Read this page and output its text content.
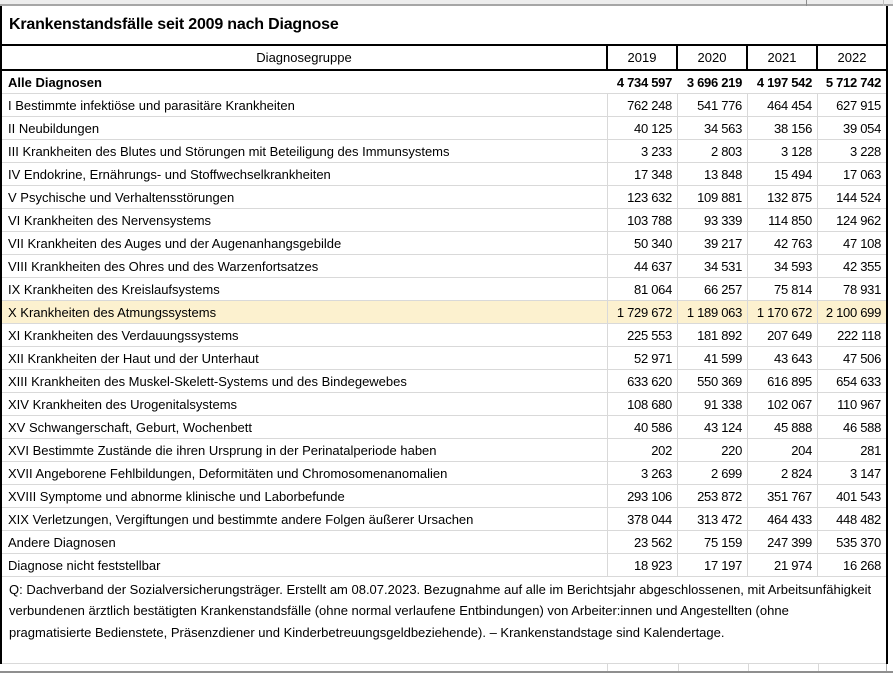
Krankenstandsfälle seit 2009 nach Diagnose
Diagnosegruppe	2019	2020	2021	2022
Alle Diagnosen	4 734 597	3 696 219	4 197 542	5 712 742
I Bestimmte infektiöse und parasitäre Krankheiten	762 248	541 776	464 454	627 915
II Neubildungen	40 125	34 563	38 156	39 054
III Krankheiten des Blutes und Störungen mit Beteiligung des Immunsystems	3 233	2 803	3 128	3 228
IV Endokrine, Ernährungs- und Stoffwechselkrankheiten	17 348	13 848	15 494	17 063
V Psychische und Verhaltensstörungen	123 632	109 881	132 875	144 524
VI Krankheiten des Nervensystems	103 788	93 339	114 850	124 962
VII Krankheiten des Auges und der Augenanhangsgebilde	50 340	39 217	42 763	47 108
VIII Krankheiten des Ohres und des Warzenfortsatzes	44 637	34 531	34 593	42 355
IX Krankheiten des Kreislaufsystems	81 064	66 257	75 814	78 931
X Krankheiten des Atmungssystems	1 729 672	1 189 063	1 170 672	2 100 699
XI Krankheiten des Verdauungssystems	225 553	181 892	207 649	222 118
XII Krankheiten der Haut und der Unterhaut	52 971	41 599	43 643	47 506
XIII Krankheiten des Muskel-Skelett-Systems und des Bindegewebes	633 620	550 369	616 895	654 633
XIV Krankheiten des Urogenitalsystems	108 680	91 338	102 067	110 967
XV Schwangerschaft, Geburt, Wochenbett	40 586	43 124	45 888	46 588
XVI Bestimmte Zustände die ihren Ursprung in der Perinatalperiode haben	202	220	204	281
XVII Angeborene Fehlbildungen, Deformitäten und Chromosomenanomalien	3 263	2 699	2 824	3 147
XVIII Symptome und abnorme klinische und Laborbefunde	293 106	253 872	351 767	401 543
XIX Verletzungen, Vergiftungen und bestimmte andere Folgen äußerer Ursachen	378 044	313 472	464 433	448 482
Andere Diagnosen	23 562	75 159	247 399	535 370
Diagnose nicht feststellbar	18 923	17 197	21 974	16 268
Q: Dachverband der Sozialversicherungsträger. Erstellt am 08.07.2023. Bezugnahme auf alle im Berichtsjahr abgeschlossenen, mit Arbeitsunfähigkeit verbundenen ärztlich bestätigten Krankenstandsfälle (ohne normal verlaufene Entbindungen) von Arbeiter:innen und Angestellten (ohne pragmatisierte Bedienstete, Präsenzdiener und Kinderbetreuungsgeldbeziehende). – Krankenstandstage sind Kalendertage.
